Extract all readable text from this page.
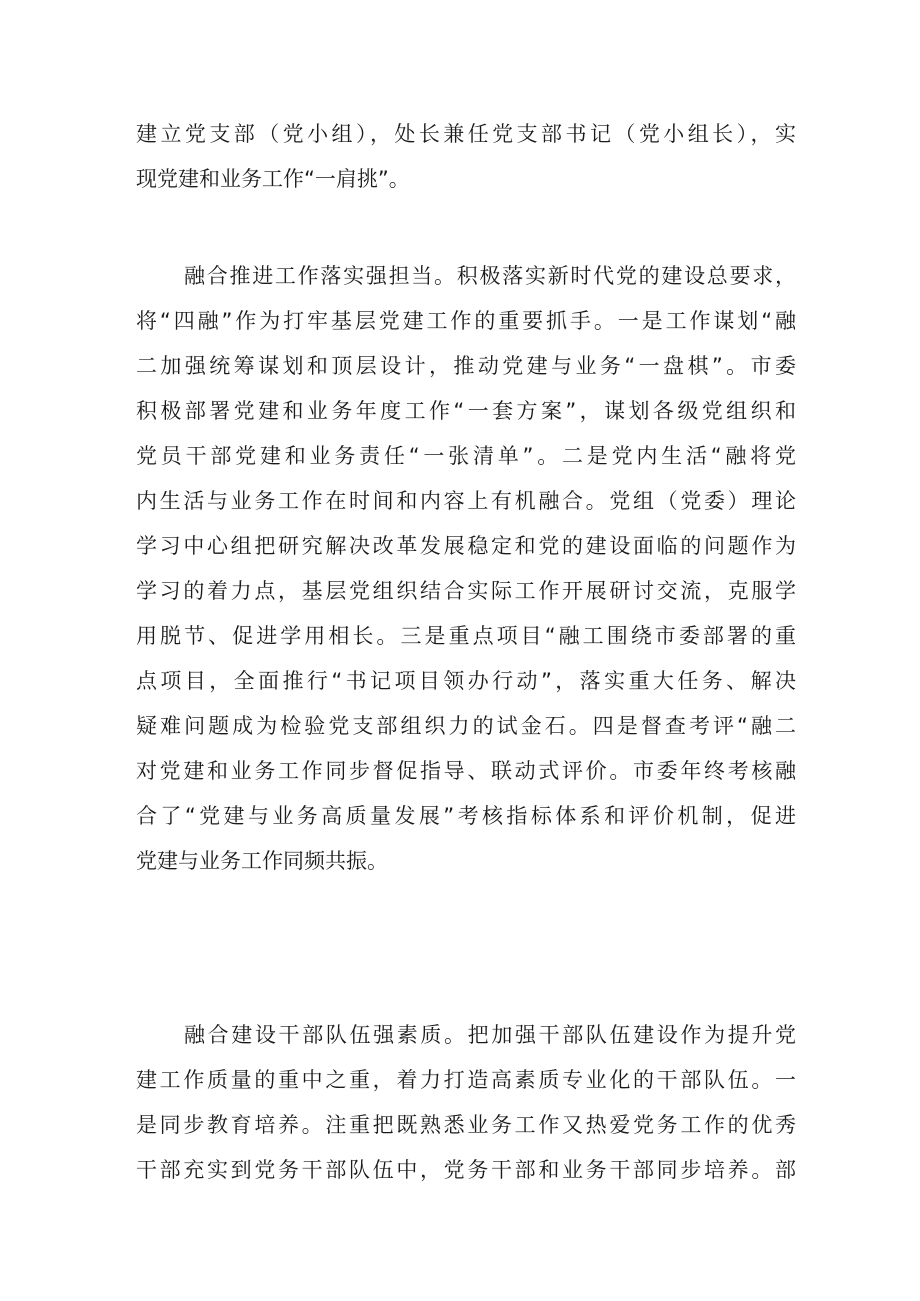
建立党支部（党小组），处长兼任党支部书记（党小组长），实
现党建和业务工作“一肩挑”。
融合推进工作落实强担当。积极落实新时代党的建设总要求，
将“四融”作为打牢基层党建工作的重要抓手。一是工作谋划“融
二加强统筹谋划和顶层设计，推动党建与业务“一盘棋”。市委
积极部署党建和业务年度工作“一套方案”，谋划各级党组织和
党员干部党建和业务责任“一张清单”。二是党内生活“融将党
内生活与业务工作在时间和内容上有机融合。党组（党委）理论
学习中心组把研究解决改革发展稳定和党的建设面临的问题作为
学习的着力点，基层党组织结合实际工作开展研讨交流，克服学
用脱节、促进学用相长。三是重点项目“融工围绕市委部署的重
点项目，全面推行“书记项目领办行动”，落实重大任务、解决
疑难问题成为检验党支部组织力的试金石。四是督查考评“融二
对党建和业务工作同步督促指导、联动式评价。市委年终考核融
合了“党建与业务高质量发展”考核指标体系和评价机制，促进
党建与业务工作同频共振。
融合建设干部队伍强素质。把加强干部队伍建设作为提升党
建工作质量的重中之重，着力打造高素质专业化的干部队伍。一
是同步教育培养。注重把既熟悉业务工作又热爱党务工作的优秀
干部充实到党务干部队伍中，党务干部和业务干部同步培养。部
